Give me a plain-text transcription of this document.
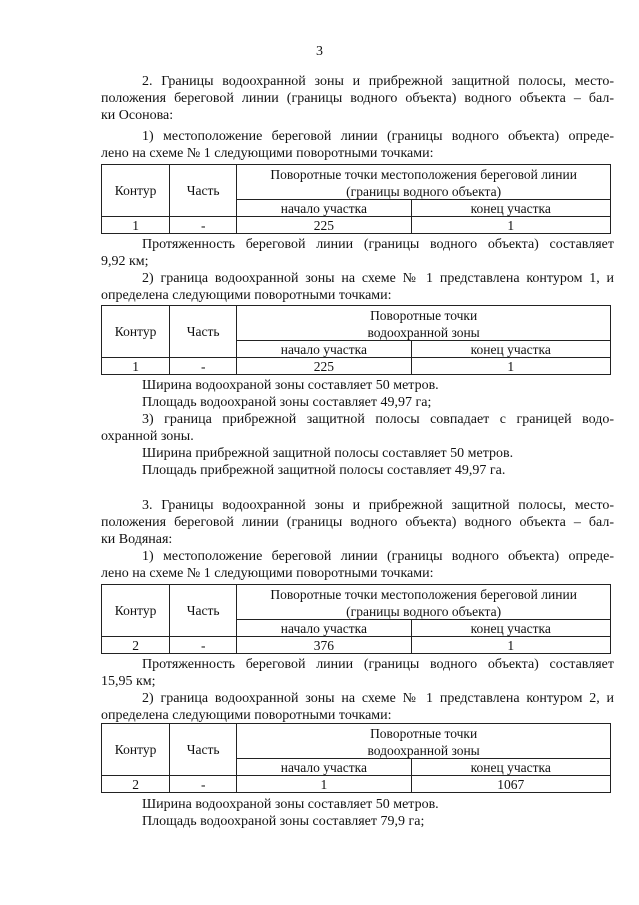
3
2. Границы водоохранной зоны и прибрежной защитной полосы, место-
положения береговой линии (границы водного объекта) водного объекта – бал-
ки Осонова:
1) местоположение береговой линии (границы водного объекта) опреде-
лено на схеме № 1 следующими поворотными точками:
Контур	Часть	Поворотные точки местоположения береговой линии	
		(границы водного объекта)	
		начало участка	конец участка
1	-	225	1
Протяженность береговой линии (границы водного объекта) составляет
9,92 км;
2) граница водоохранной зоны на схеме № 1 представлена контуром 1, и
определена следующими поворотными точками:
Контур	Часть	Поворотные точки	
		водоохранной зоны	
		начало участка	конец участка
1	-	225	1
Ширина водоохраной зоны составляет 50 метров.
Площадь водоохраной зоны составляет 49,97 га;
3) граница прибрежной защитной полосы совпадает с границей водо-
охранной зоны.
Ширина прибрежной защитной полосы составляет 50 метров.
Площадь прибрежной защитной полосы составляет 49,97 га.
3. Границы водоохранной зоны и прибрежной защитной полосы, место-
положения береговой линии (границы водного объекта) водного объекта – бал-
ки Водяная:
1) местоположение береговой линии (границы водного объекта) опреде-
лено на схеме № 1 следующими поворотными точками:
Контур	Часть	Поворотные точки местоположения береговой линии	
		(границы водного объекта)	
		начало участка	конец участка
2	-	376	1
Протяженность береговой линии (границы водного объекта) составляет
15,95 км;
2) граница водоохранной зоны на схеме № 1 представлена контуром 2, и
определена следующими поворотными точками:
Контур	Часть	Поворотные точки	
		водоохранной зоны	
		начало участка	конец участка
2	-	1	1067
Ширина водоохраной зоны составляет 50 метров.
Площадь водоохраной зоны составляет 79,9 га;
